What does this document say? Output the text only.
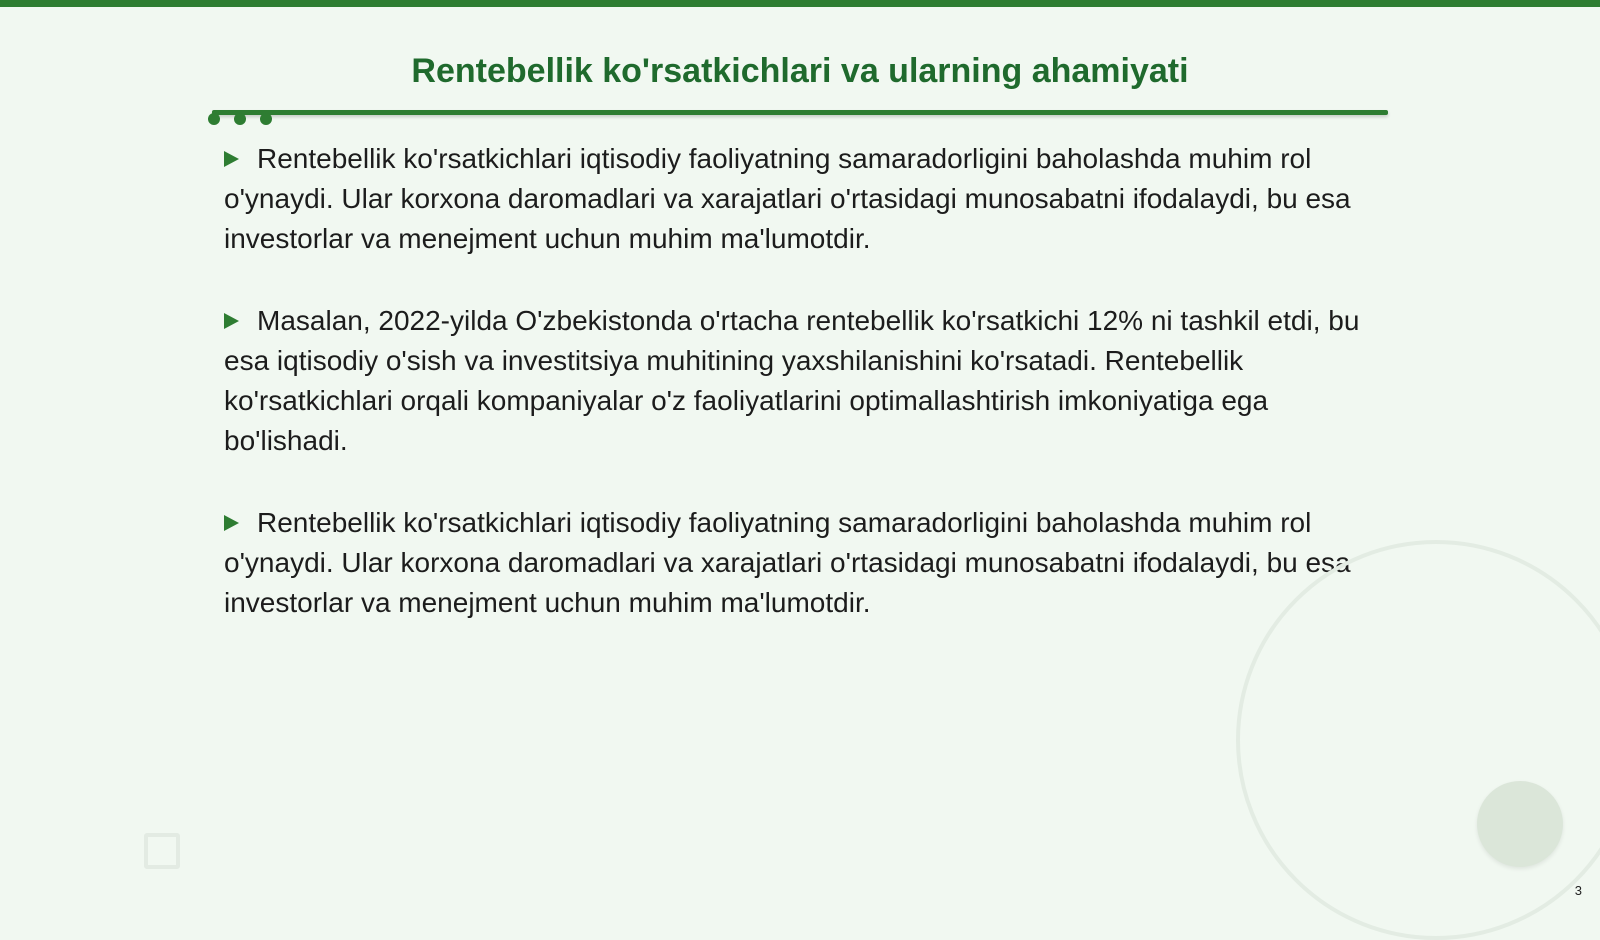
Rentebellik ko'rsatkichlari va ularning ahamiyati

Rentebellik ko'rsatkichlari iqtisodiy faoliyatning samaradorligini baholashda muhim rol o'ynaydi. Ular korxona daromadlari va xarajatlari o'rtasidagi munosabatni ifodalaydi, bu esa investorlar va menejment uchun muhim ma'lumotdir.

Masalan, 2022-yilda O'zbekistonda o'rtacha rentebellik ko'rsatkichi 12% ni tashkil etdi, bu esa iqtisodiy o'sish va investitsiya muhitining yaxshilanishini ko'rsatadi. Rentebellik ko'rsatkichlari orqali kompaniyalar o'z faoliyatlarini optimallashtirish imkoniyatiga ega bo'lishadi.

Rentebellik ko'rsatkichlari iqtisodiy faoliyatning samaradorligini baholashda muhim rol o'ynaydi. Ular korxona daromadlari va xarajatlari o'rtasidagi munosabatni ifodalaydi, bu esa investorlar va menejment uchun muhim ma'lumotdir.

3
